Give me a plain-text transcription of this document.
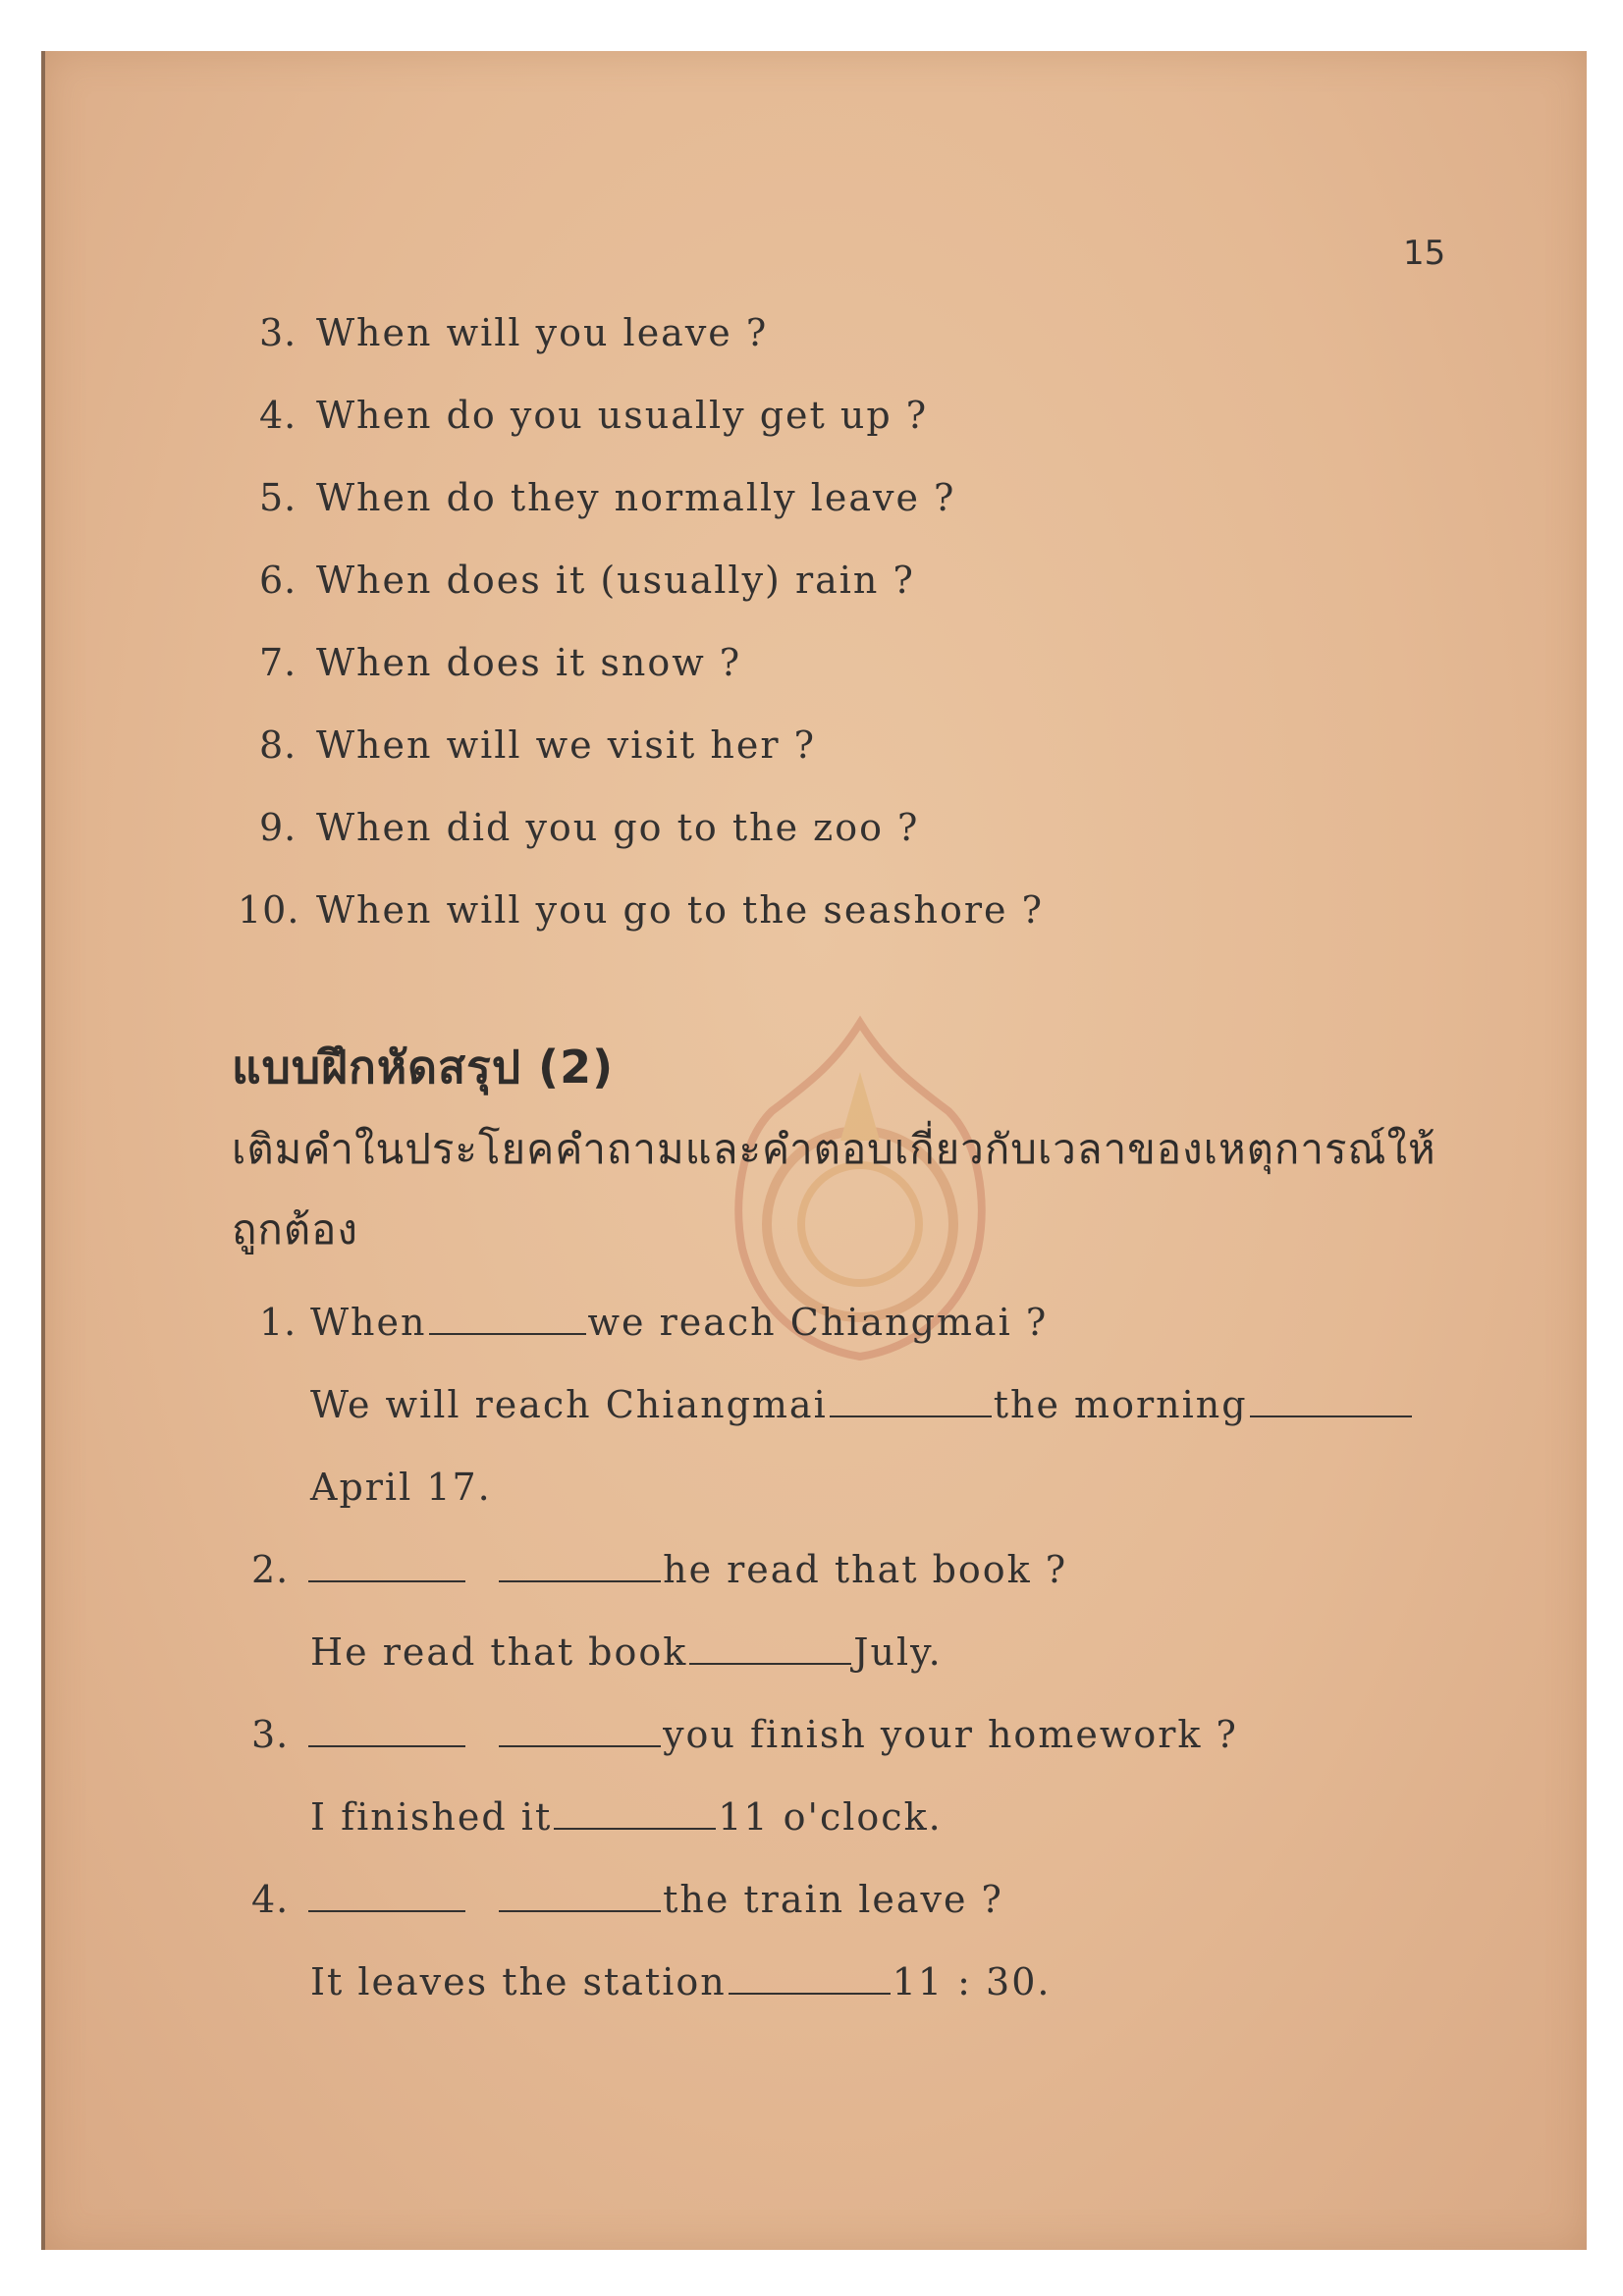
15
3. When will you leave ?
4. When do you usually get up ?
5. When do they normally leave ?
6. When does it (usually) rain ?
7. When does it snow ?
8. When will we visit her ?
9. When did you go to the zoo ?
10. When will you go to the seashore ?
แบบฝึกหัดสรุป (2)
เติมคำในประโยคคำถามและคำตอบเกี่ยวกับเวลาของเหตุการณ์ให้
ถูกต้อง
1. When	we reach Chiangmai ?
We will reach Chiangmai	the morning
April 17.
2.	he read that book ?
He read that book	July.
3.	you finish your homework ?
I finished it	11 o'clock.
4.	the train leave ?
It leaves the station	11 : 30.
